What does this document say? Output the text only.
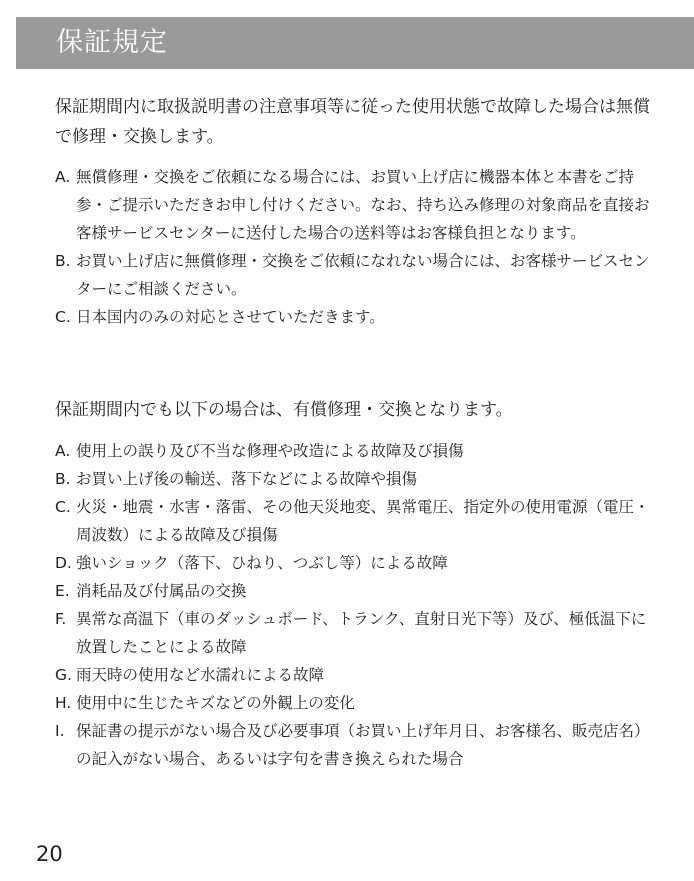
保証規定

保証期間内に取扱説明書の注意事項等に従った使用状態で故障した場合は無償で修理・交換します。

A. 無償修理・交換をご依頼になる場合には、お買い上げ店に機器本体と本書をご持参・ご提示いただきお申し付けください。なお、持ち込み修理の対象商品を直接お客様サービスセンターに送付した場合の送料等はお客様負担となります。
B. お買い上げ店に無償修理・交換をご依頼になれない場合には、お客様サービスセンターにご相談ください。
C. 日本国内のみの対応とさせていただきます。

保証期間内でも以下の場合は、有償修理・交換となります。

A. 使用上の誤り及び不当な修理や改造による故障及び損傷
B. お買い上げ後の輸送、落下などによる故障や損傷
C. 火災・地震・水害・落雷、その他天災地変、異常電圧、指定外の使用電源（電圧・周波数）による故障及び損傷
D. 強いショック（落下、ひねり、つぶし等）による故障
E. 消耗品及び付属品の交換
F. 異常な高温下（車のダッシュボード、トランク、直射日光下等）及び、極低温下に放置したことによる故障
G. 雨天時の使用など水濡れによる故障
H. 使用中に生じたキズなどの外観上の変化
I. 保証書の提示がない場合及び必要事項（お買い上げ年月日、お客様名、販売店名）の記入がない場合、あるいは字句を書き換えられた場合
20
